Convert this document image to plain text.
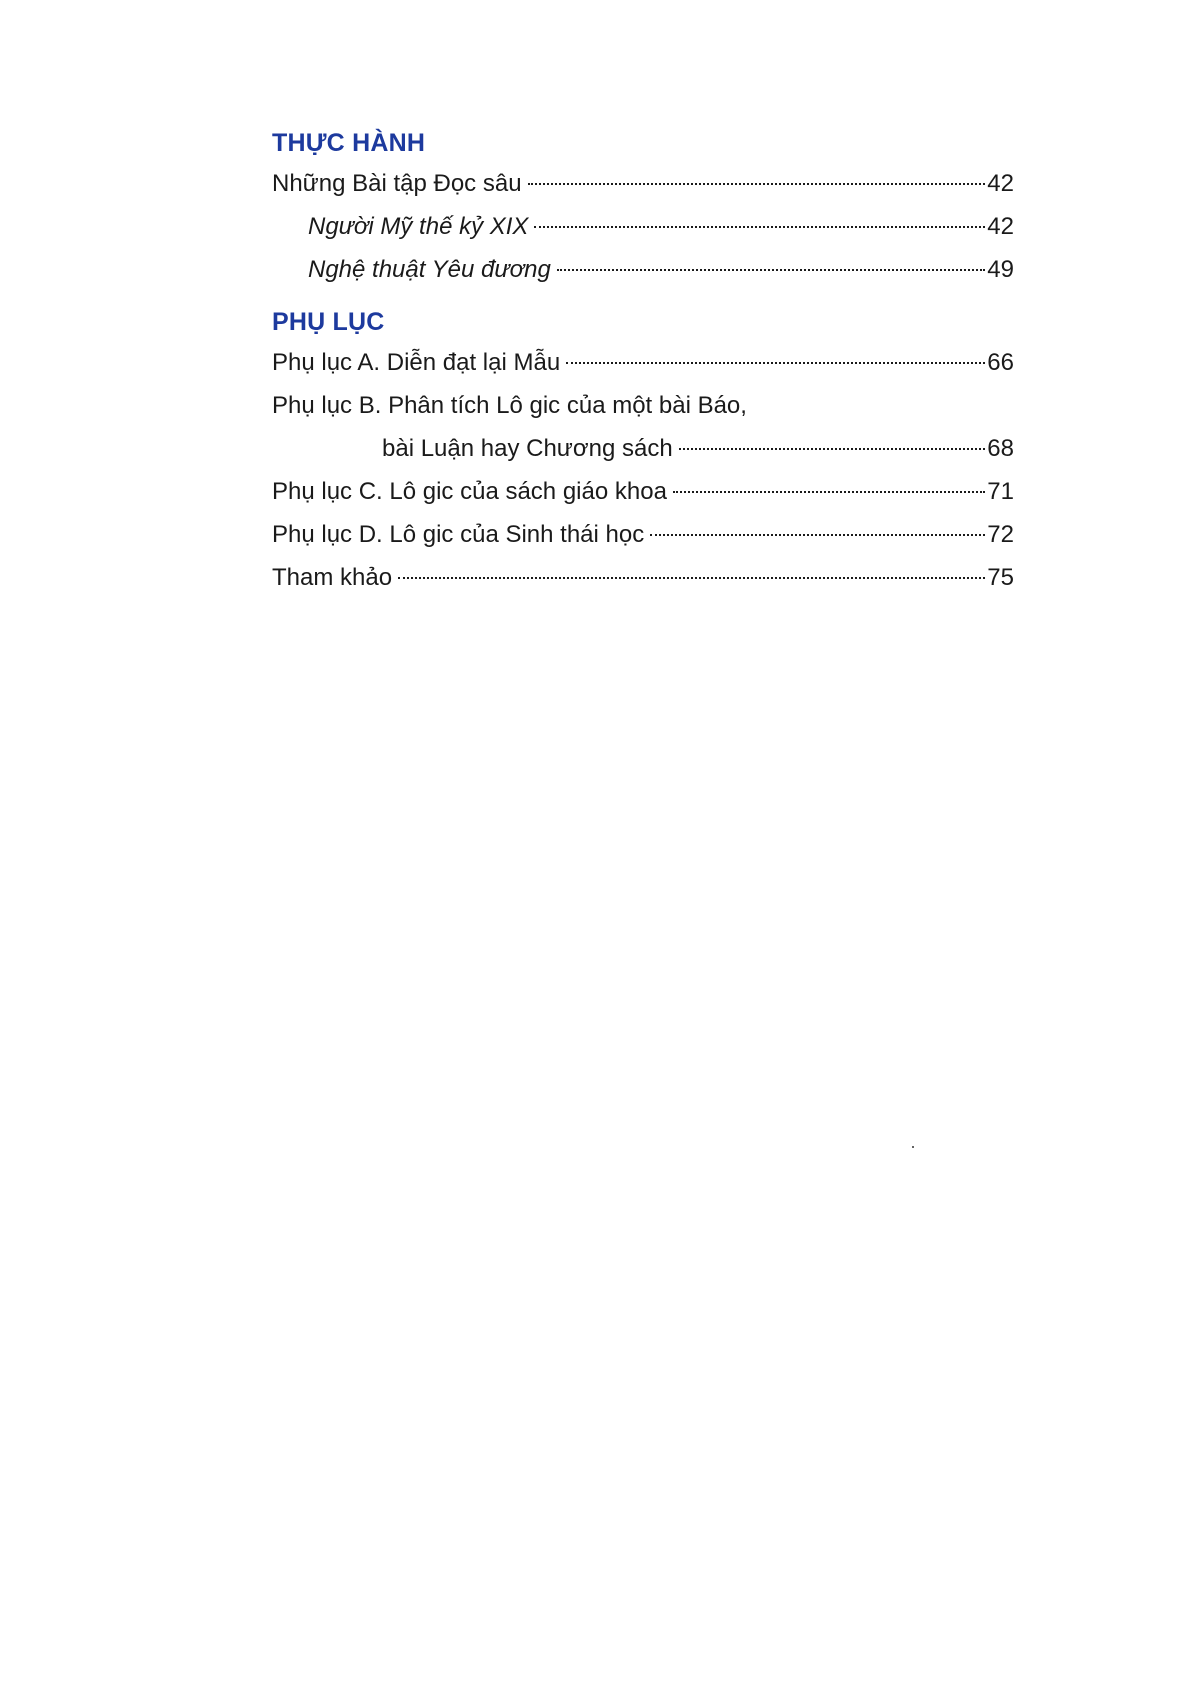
THỰC HÀNH
Những Bài tập Đọc sâu	42
Người Mỹ thế kỷ XIX	42
Nghệ thuật Yêu đương	49
PHỤ LỤC
Phụ lục A. Diễn đạt lại Mẫu	66
Phụ lục B. Phân tích Lô gic của một bài Báo,
bài Luận hay Chương sách	68
Phụ lục C. Lô gic của sách giáo khoa	71
Phụ lục D. Lô gic của Sinh thái học	72
Tham khảo	75
